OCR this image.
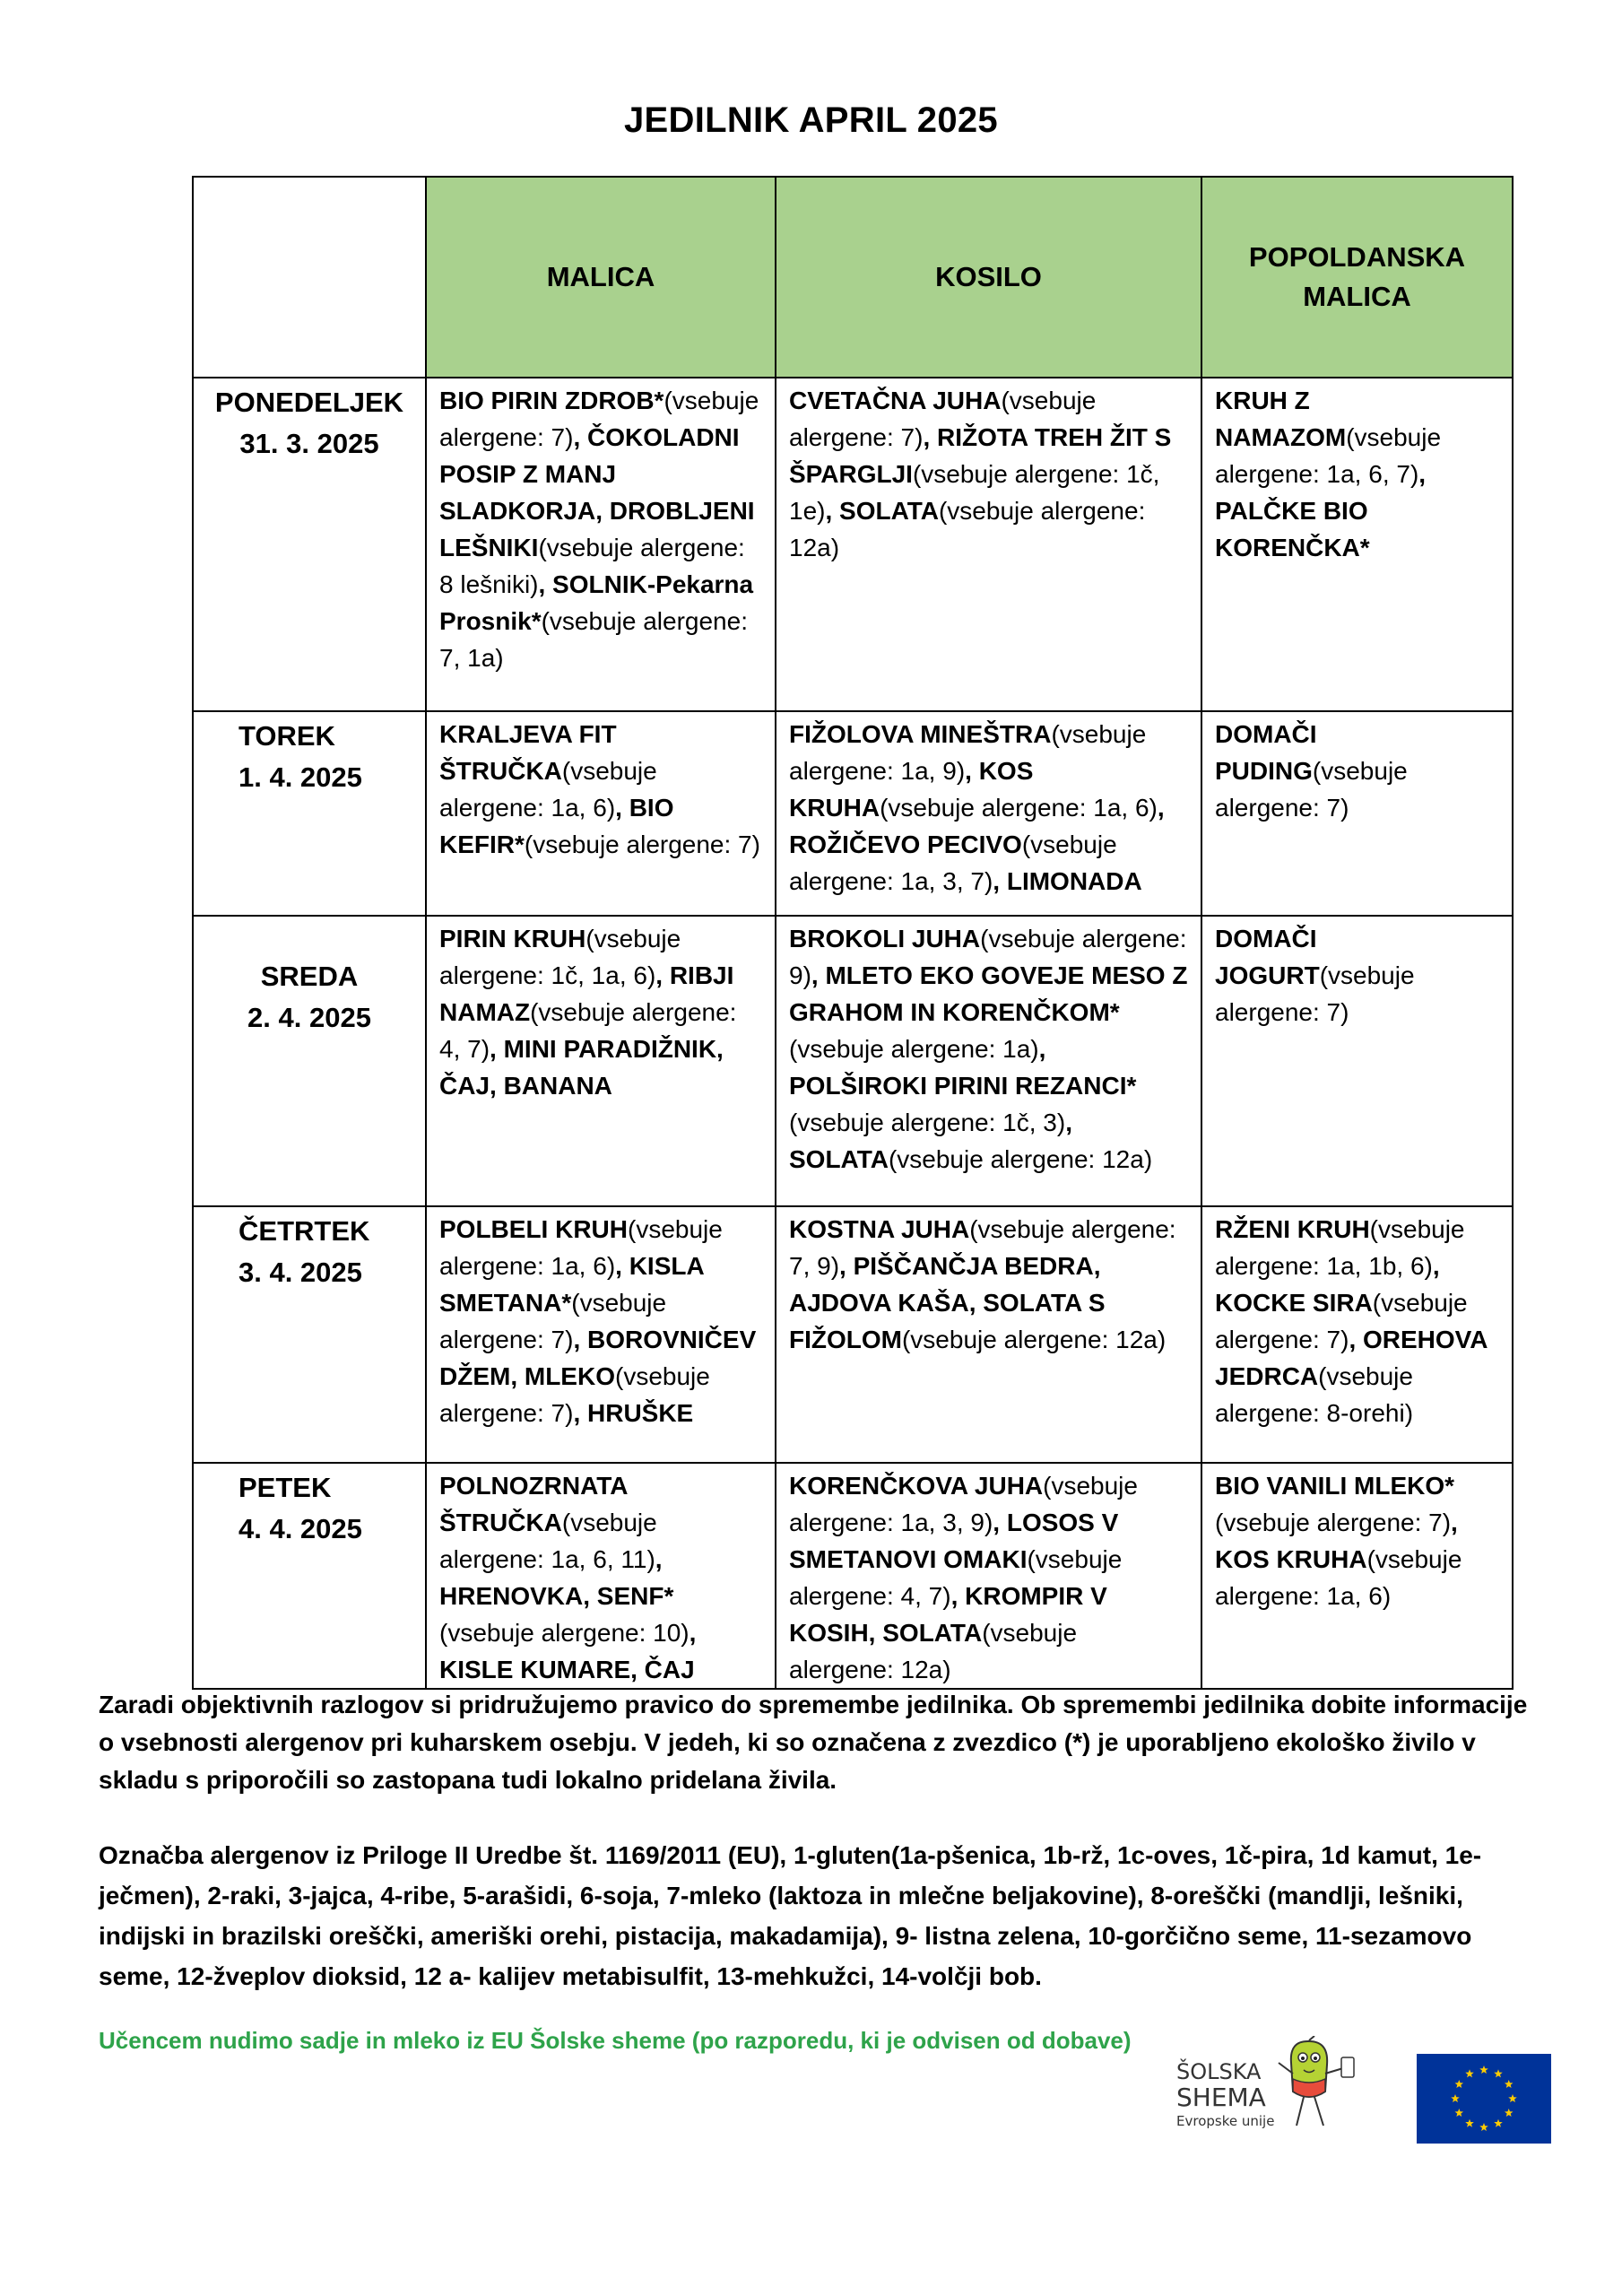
JEDILNIK APRIL 2025
	MALICA	KOSILO	POPOLDANSKA
MALICA

PONEDELJEK
31. 3. 2025	BIO PIRIN ZDROB*(vsebuje alergene: 7), ČOKOLADNI POSIP Z MANJ SLADKORJA, DROBLJENI LEŠNIKI(vsebuje alergene: 8 lešniki), SOLNIK-Pekarna Prosnik*(vsebuje alergene: 7, 1a)	CVETAČNA JUHA(vsebuje alergene: 7), RIŽOTA TREH ŽIT S ŠPARGLJI(vsebuje alergene: 1č, 1e), SOLATA(vsebuje alergene: 12a)	KRUH Z NAMAZOM(vsebuje alergene: 1a, 6, 7), PALČKE BIO KORENČKA*

TOREK
1. 4. 2025	KRALJEVA FIT ŠTRUČKA(vsebuje alergene: 1a, 6), BIO KEFIR*(vsebuje alergene: 7)	FIŽOLOVA MINEŠTRA(vsebuje alergene: 1a, 9), KOS KRUHA(vsebuje alergene: 1a, 6), ROŽIČEVO PECIVO(vsebuje alergene: 1a, 3, 7), LIMONADA	DOMAČI PUDING(vsebuje alergene: 7)

SREDA
2. 4. 2025	PIRIN KRUH(vsebuje alergene: 1č, 1a, 6), RIBJI NAMAZ(vsebuje alergene: 4, 7), MINI PARADIŽNIK, ČAJ, BANANA	BROKOLI JUHA(vsebuje alergene: 9), MLETO EKO GOVEJE MESO Z GRAHOM IN KORENČKOM*(vsebuje alergene: 1a), POLŠIROKI PIRINI REZANCI*(vsebuje alergene: 1č, 3), SOLATA(vsebuje alergene: 12a)	DOMAČI JOGURT(vsebuje alergene: 7)

ČETRTEK
3. 4. 2025	POLBELI KRUH(vsebuje alergene: 1a, 6), KISLA SMETANA*(vsebuje alergene: 7), BOROVNIČEV DŽEM, MLEKO(vsebuje alergene: 7), HRUŠKE	KOSTNA JUHA(vsebuje alergene: 7, 9), PIŠČANČJA BEDRA, AJDOVA KAŠA, SOLATA S FIŽOLOM(vsebuje alergene: 12a)	RŽENI KRUH(vsebuje alergene: 1a, 1b, 6), KOCKE SIRA(vsebuje alergene: 7), OREHOVA JEDRCA(vsebuje alergene: 8-orehi)

PETEK
4. 4. 2025	POLNOZRNATA ŠTRUČKA(vsebuje alergene: 1a, 6, 11), HRENOVKA, SENF*(vsebuje alergene: 10), KISLE KUMARE, ČAJ	KORENČKOVA JUHA(vsebuje alergene: 1a, 3, 9), LOSOS V SMETANOVI OMAKI(vsebuje alergene: 4, 7), KROMPIR V KOSIH, SOLATA(vsebuje alergene: 12a)	BIO VANILI MLEKO*(vsebuje alergene: 7), KOS KRUHA(vsebuje alergene: 1a, 6)

Zaradi objektivnih razlogov si pridružujemo pravico do spremembe jedilnika. Ob spremembi jedilnika dobite informacije o vsebnosti alergenov pri kuharskem osebju. V jedeh, ki so označena z zvezdico (*) je uporabljeno ekološko živilo v skladu s priporočili so zastopana tudi lokalno pridelana živila.

Označba alergenov iz Priloge II Uredbe št. 1169/2011 (EU), 1-gluten(1a-pšenica, 1b-rž, 1c-oves, 1č-pira, 1d kamut, 1e-ječmen), 2-raki, 3-jajca, 4-ribe, 5-arašidi, 6-soja, 7-mleko (laktoza in mlečne beljakovine), 8-oreščki (mandlji, lešniki, indijski in brazilski oreščki, ameriški orehi, pistacija, makadamija), 9- listna zelena, 10-gorčično seme, 11-sezamovo seme, 12-žveplov dioksid, 12 a- kalijev metabisulfit, 13-mehkužci, 14-volčji bob.

Učencem nudimo sadje in mleko iz EU Šolske sheme (po razporedu, ki je odvisen od dobave)

ŠOLSKA
SHEMA
Evropske unije
